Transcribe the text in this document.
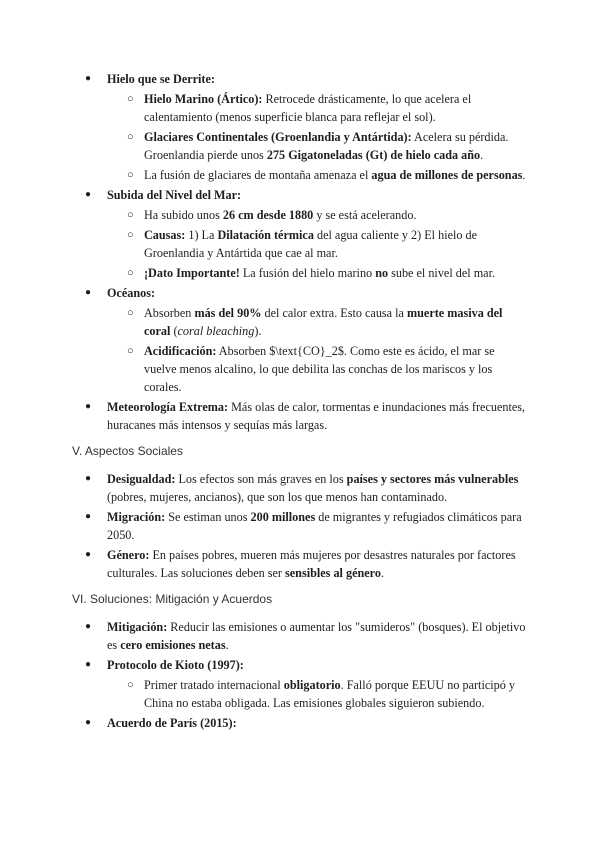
● Hielo que se Derrite:
○ Hielo Marino (Ártico): Retrocede drásticamente, lo que acelera el calentamiento (menos superficie blanca para reflejar el sol).
○ Glaciares Continentales (Groenlandia y Antártida): Acelera su pérdida. Groenlandia pierde unos 275 Gigatoneladas (Gt) de hielo cada año.
○ La fusión de glaciares de montaña amenaza el agua de millones de personas.
● Subida del Nivel del Mar:
○ Ha subido unos 26 cm desde 1880 y se está acelerando.
○ Causas: 1) La Dilatación térmica del agua caliente y 2) El hielo de Groenlandia y Antártida que cae al mar.
○ ¡Dato Importante! La fusión del hielo marino no sube el nivel del mar.
● Océanos:
○ Absorben más del 90% del calor extra. Esto causa la muerte masiva del coral (coral bleaching).
○ Acidificación: Absorben $\text{CO}_2$. Como este es ácido, el mar se vuelve menos alcalino, lo que debilita las conchas de los mariscos y los corales.
● Meteorología Extrema: Más olas de calor, tormentas e inundaciones más frecuentes, huracanes más intensos y sequías más largas.
V. Aspectos Sociales
● Desigualdad: Los efectos son más graves en los países y sectores más vulnerables (pobres, mujeres, ancianos), que son los que menos han contaminado.
● Migración: Se estiman unos 200 millones de migrantes y refugiados climáticos para 2050.
● Género: En países pobres, mueren más mujeres por desastres naturales por factores culturales. Las soluciones deben ser sensibles al género.
VI. Soluciones: Mitigación y Acuerdos
● Mitigación: Reducir las emisiones o aumentar los "sumideros" (bosques). El objetivo es cero emisiones netas.
● Protocolo de Kioto (1997):
○ Primer tratado internacional obligatorio. Falló porque EEUU no participó y China no estaba obligada. Las emisiones globales siguieron subiendo.
● Acuerdo de París (2015):
